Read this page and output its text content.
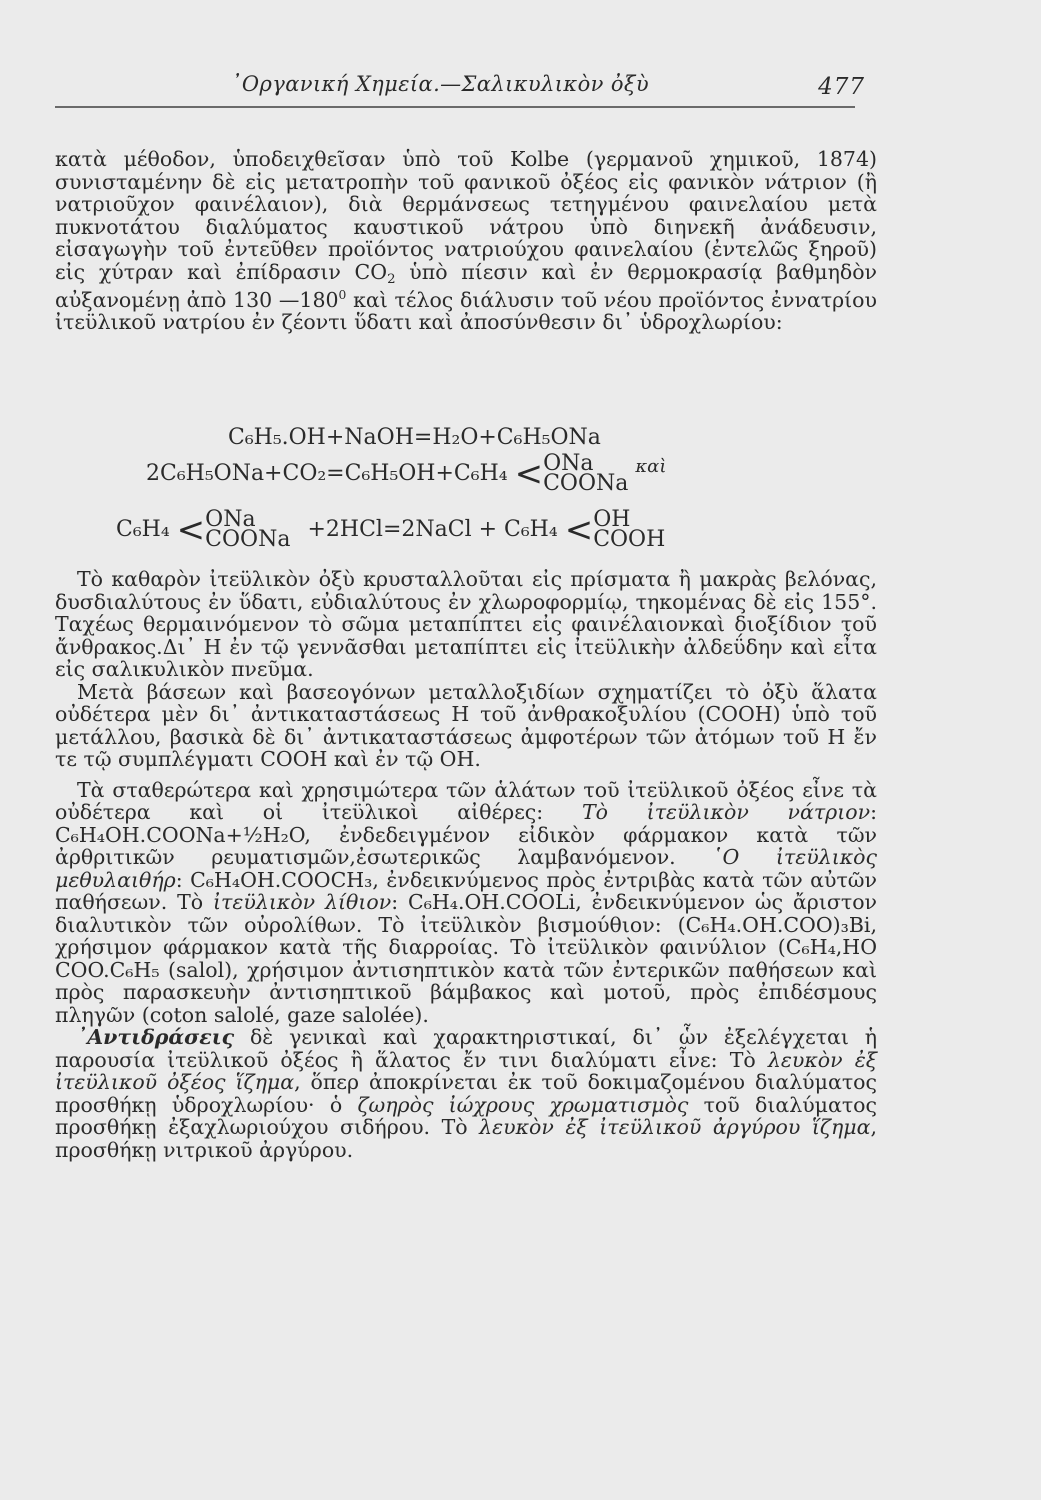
᾿Οργανική Χημεία.—Σαλικυλικὸν ὀξὺ	477

κατὰ μέθοδον, ὑποδειχθεῖσαν ὑπὸ τοῦ Kolbe (γερμανοῦ χημικοῦ, 1874) συνισταμένην δὲ εἰς μετατροπὴν τοῦ φανικοῦ ὀξέος εἰς φανικὸν νάτριον (ἢ νατριοῦχον φαινέλαιον), διὰ θερμάνσεως τετηγμένου φαινελαίου μετὰ πυκνοτάτου διαλύματος καυστικοῦ νάτρου ὑπὸ διηνεκῆ ἀνάδευσιν, εἰσαγωγὴν τοῦ ἐντεῦθεν προϊόντος νατριούχου φαινελαίου (ἐντελῶς ξηροῦ) εἰς χύτραν καὶ ἐπίδρασιν $CO_2$ ὑπὸ πίεσιν καὶ ἐν θερμοκρασίᾳ βαθμηδὸν αὐξανομένῃ ἀπὸ 130 $—180^0$ καὶ τέλος διάλυσιν τοῦ νέου προϊόντος ἐννατρίου ἰτεϋλικοῦ νατρίου ἐν ζέοντι ὕδατι καὶ ἀποσύνθεσιν δι᾿ ὑδροχλωρίου:

C₆H₅.OH+NaOH=H₂O+C₆H₅ONa
2C₆H₅ONa+CO₂=C₆H₅OH+C₆H₄ < ONa
COONa
$^{\kappa\alpha ὶ}$
C₆H₄ < ONa
COONa +2HCl=2NaCl + C₆H₄ < OH
COOH

Τὸ καθαρὸν ἰτεϋλικὸν ὀξὺ κρυσταλλοῦται εἰς πρίσματα ἢ μακρὰς βελόνας, δυσδιαλύτους ἐν ὕδατι, εὐδιαλύτους ἐν χλωροφορμίῳ, τηκομένας δὲ εἰς 155°. Ταχέως θερμαινόμενον τὸ σῶμα μεταπίπτει εἰς φαινέλαιονκαὶ διοξίδιον τοῦ ἄνθρακος.Δι᾿ Η ἐν τῷ γεννᾶσθαι μεταπίπτει εἰς ἰτεϋλικὴν ἀλδεΰδην καὶ εἶτα εἰς σαλικυλικὸν πνεῦμα.

Μετὰ βάσεων καὶ βασεογόνων μεταλλοξιδίων σχηματίζει τὸ ὀξὺ ἅλατα οὐδέτερα μὲν δι᾿ ἀντικαταστάσεως Η τοῦ ἀνθρακοξυλίου (COOH) ὑπὸ τοῦ μετάλλου, βασικὰ δὲ δι᾿ ἀντικαταστάσεως ἀμφοτέρων τῶν ἀτόμων τοῦ Η ἔν τε τῷ συμπλέγματι COOH καὶ ἐν τῷ OH.

Τὰ σταθερώτερα καὶ χρησιμώτερα τῶν ἁλάτων τοῦ ἰτεϋλικοῦ ὀξέος εἶνε τὰ οὐδέτερα καὶ οἱ ἰτεϋλικοὶ αἰθέρες: Τὸ ἰτεϋλικὸν νάτριον: C₆H₄OH.COONa+½H₂O, ἐνδεδειγμένον εἰδικὸν φάρμακον κατὰ τῶν ἀρθριτικῶν ρευματισμῶν,ἐσωτερικῶς λαμβανόμενον. ῾Ο ἰτεϋλικὸς μεθυλαιθήρ: C₆H₄OH.COOCH₃, ἐνδεικνύμενος πρὸς ἐντριβὰς κατὰ τῶν αὐτῶν παθήσεων. Τὸ ἰτεϋλικὸν λίθιον: C₆H₄.OH.COOLi, ἐνδεικνύμενον ὡς ἄριστον διαλυτικὸν τῶν οὐρολίθων. Τὸ ἰτεϋλικὸν βισμούθιον: (C₆H₄.OH.COO)₃Bi, χρήσιμον φάρμακον κατὰ τῆς διαρροίας. Τὸ ἰτεϋλικὸν φαινύλιον (C₆H₄,HO COO.C₆H₅ (salol), χρήσιμον ἀντισηπτικὸν κατὰ τῶν ἐντερικῶν παθήσεων καὶ πρὸς παρασκευὴν ἀντισηπτικοῦ βάμβακος καὶ μοτοῦ, πρὸς ἐπιδέσμους πληγῶν (coton salolé, gaze salolée).

᾿Αντιδράσεις δὲ γενικαὶ καὶ χαρακτηριστικαί, δι᾿ ὧν ἐξελέγχεται ἡ παρουσία ἰτεϋλικοῦ ὀξέος ἢ ἅλατος ἔν τινι διαλύματι εἶνε: Τὸ λευκὸν ἐξ ἰτεϋλικοῦ ὀξέος ἵζημα, ὅπερ ἀποκρίνεται ἐκ τοῦ δοκιμαζομένου διαλύματος προσθήκῃ ὑδροχλωρίου· ὁ ζωηρὸς ἰώχρους χρωματισμὸς τοῦ διαλύματος προσθήκῃ ἐξαχλωριούχου σιδήρου. Τὸ λευκὸν ἐξ ἰτεϋλικοῦ ἀργύρου ἵζημα, προσθήκῃ νιτρικοῦ ἀργύρου.
